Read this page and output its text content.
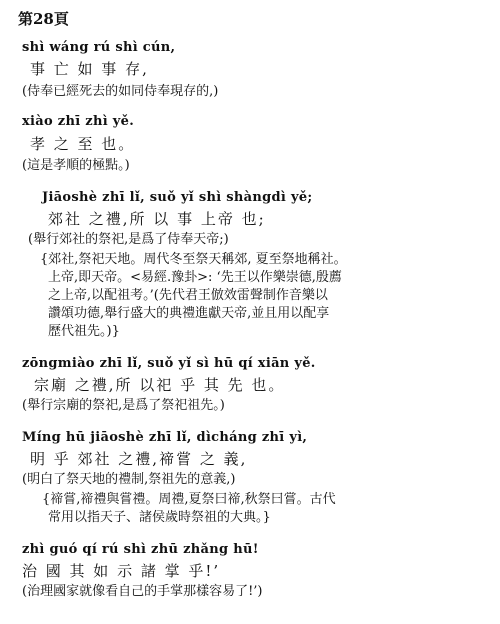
第28頁
shì wáng rú shì cún,
事 亡 如 事 存,
(侍奉已經死去的如同侍奉現存的,)
xiào zhī zhì yě.
孝 之 至 也。
(這是孝順的極點。)
Jiāoshè zhī lǐ, suǒ yǐ shì shàngdì yě;
郊社 之禮,所 以 事 上帝 也;
(舉行郊社的祭祀,是爲了侍奉天帝;)
{郊社,祭祀天地。周代冬至祭天稱郊, 夏至祭地稱社。
上帝,即天帝。<易經.豫卦>: ‘先王以作樂崇德,殷薦
之上帝,以配祖考。’(先代君王倣效雷聲制作音樂以
讚頌功德,舉行盛大的典禮進獻天帝,並且用以配享
歷代祖先。)}
zōngmiào zhī lǐ, suǒ yǐ sì hū qí xiān yě.
宗廟 之禮,所 以祀 乎 其 先 也。
(舉行宗廟的祭祀,是爲了祭祀祖先。)
Míng hū jiāoshè zhī lǐ, dìcháng zhī yì,
明 乎 郊社 之禮,禘嘗 之 義,
(明白了祭天地的禮制,祭祖先的意義,)
{禘嘗,禘禮與嘗禮。周禮,夏祭曰禘,秋祭曰嘗。古代
常用以指天子、諸侯歲時祭祖的大典。}
zhì guó qí rú shì zhū zhǎng hū!
治 國 其 如 示 諸 掌 乎!’
(治理國家就像看自己的手掌那樣容易了!’)
